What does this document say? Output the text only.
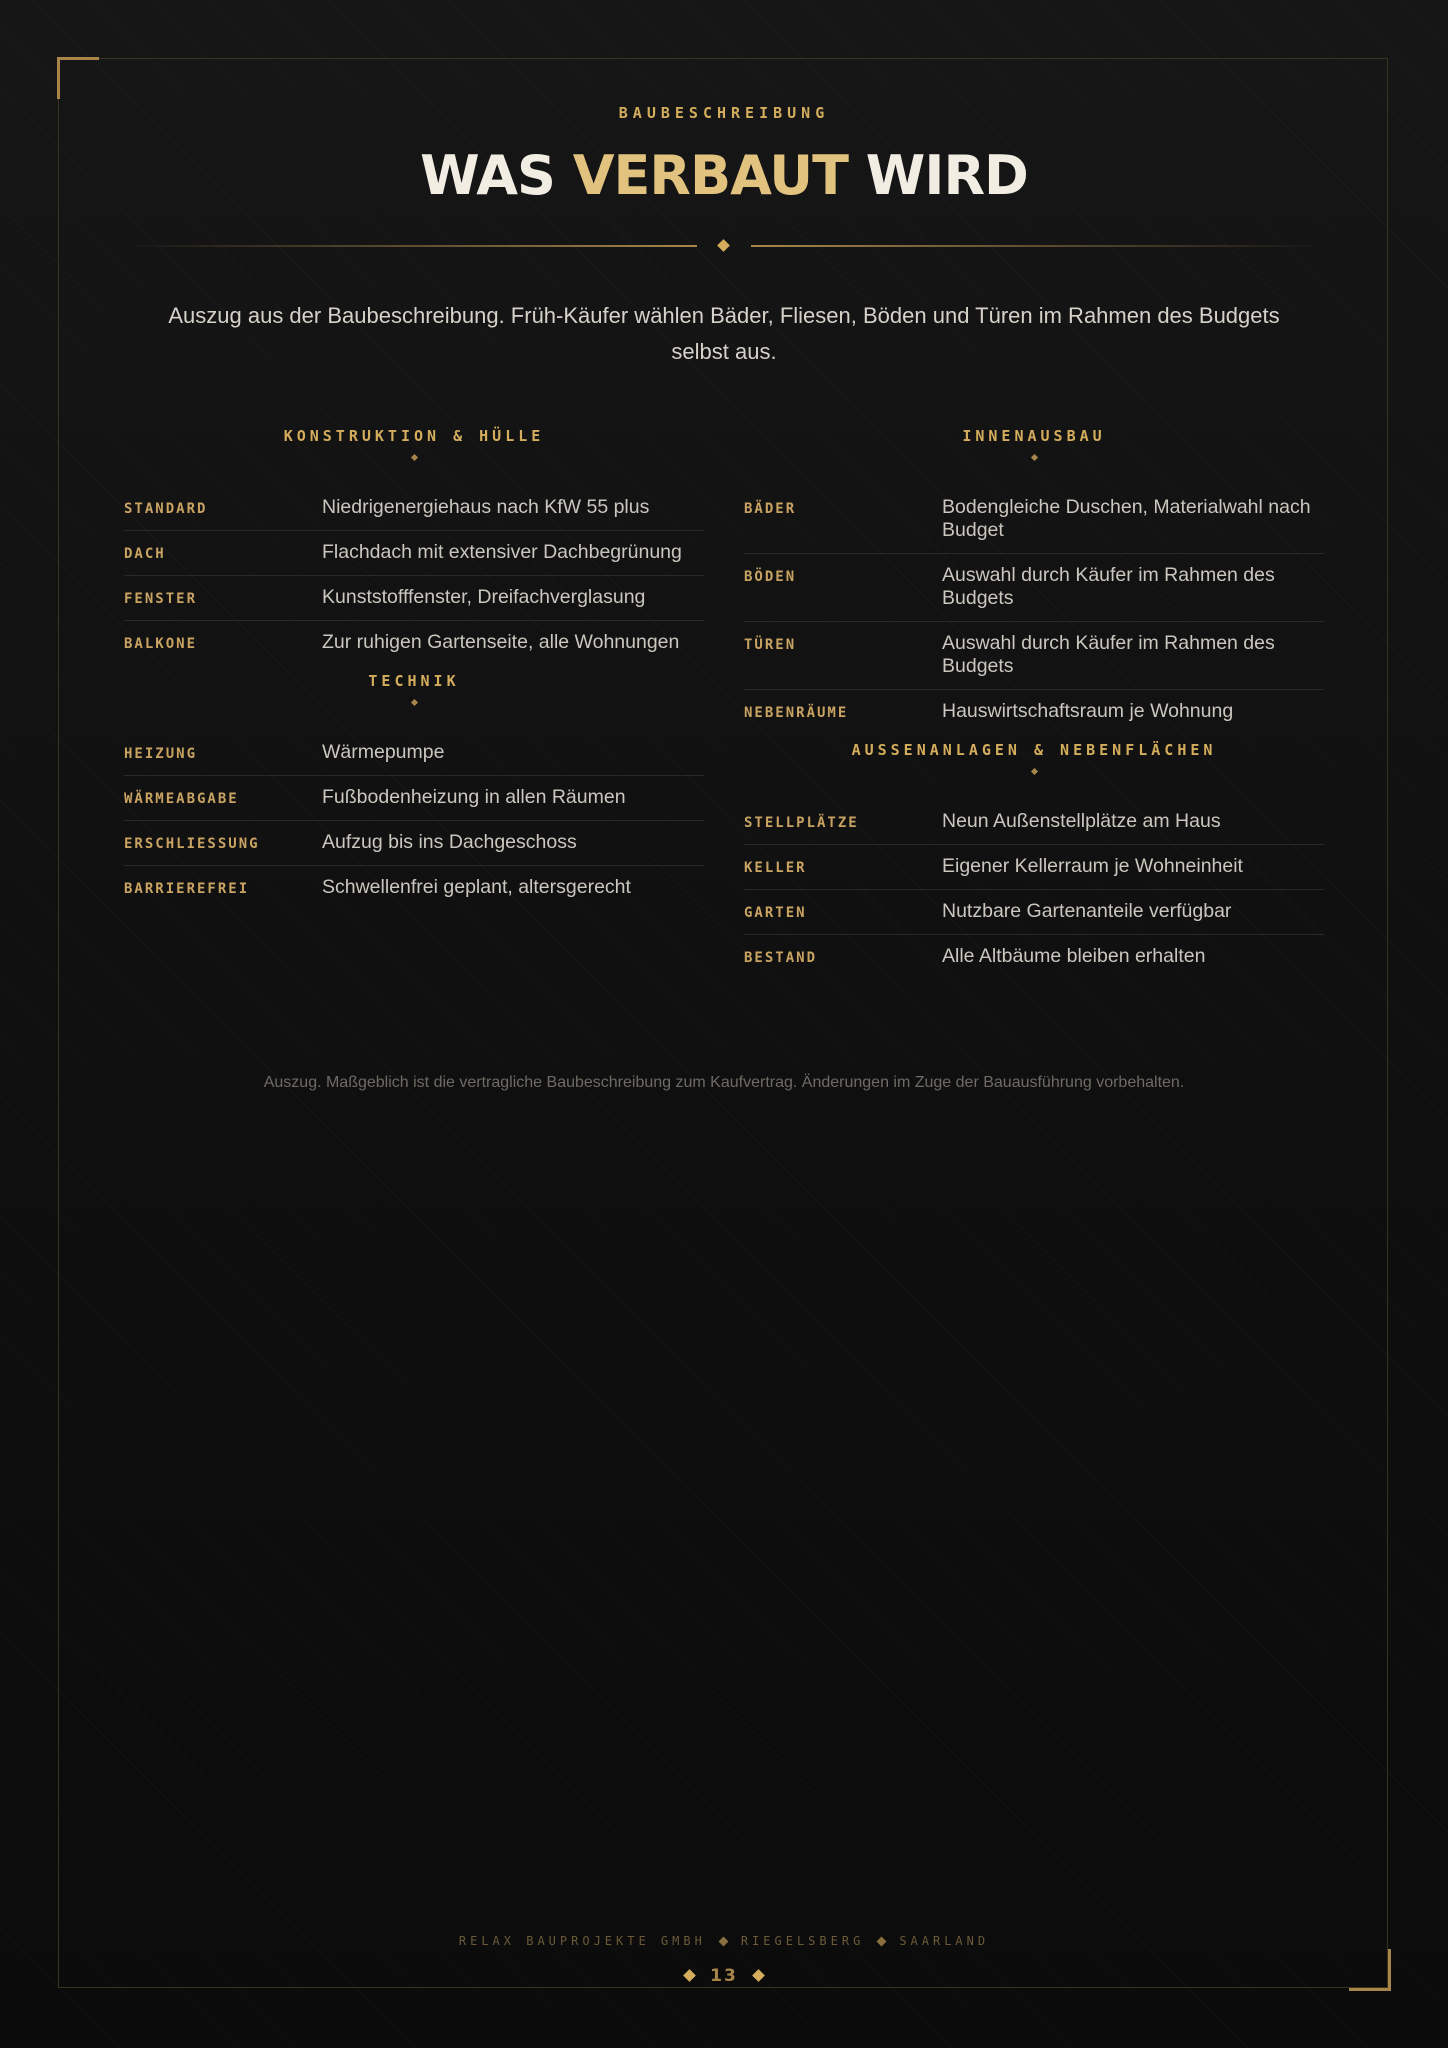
BAUBESCHREIBUNG
WAS VERBAUT WIRD
Auszug aus der Baubeschreibung. Früh-Käufer wählen Bäder, Fliesen, Böden und Türen im Rahmen des Budgets selbst aus.
KONSTRUKTION & HÜLLE
STANDARD	Niedrigenergiehaus nach KfW 55 plus
DACH	Flachdach mit extensiver Dachbegrünung
FENSTER	Kunststofffenster, Dreifachverglasung
BALKONE	Zur ruhigen Gartenseite, alle Wohnungen
TECHNIK
HEIZUNG	Wärmepumpe
WÄRMEABGABE	Fußbodenheizung in allen Räumen
ERSCHLIESSUNG	Aufzug bis ins Dachgeschoss
BARRIEREFREI	Schwellenfrei geplant, altersgerecht
INNENAUSBAU
BÄDER	Bodengleiche Duschen, Materialwahl nach Budget
BÖDEN	Auswahl durch Käufer im Rahmen des Budgets
TÜREN	Auswahl durch Käufer im Rahmen des Budgets
NEBENRÄUME	Hauswirtschaftsraum je Wohnung
AUSSENANLAGEN & NEBENFLÄCHEN
STELLPLÄTZE	Neun Außenstellplätze am Haus
KELLER	Eigener Kellerraum je Wohneinheit
GARTEN	Nutzbare Gartenanteile verfügbar
BESTAND	Alle Altbäume bleiben erhalten
Auszug. Maßgeblich ist die vertragliche Baubeschreibung zum Kaufvertrag. Änderungen im Zuge der Bauausführung vorbehalten.
RELAX BAUPROJEKTE GMBH	RIEGELSBERG	SAARLAND
13
